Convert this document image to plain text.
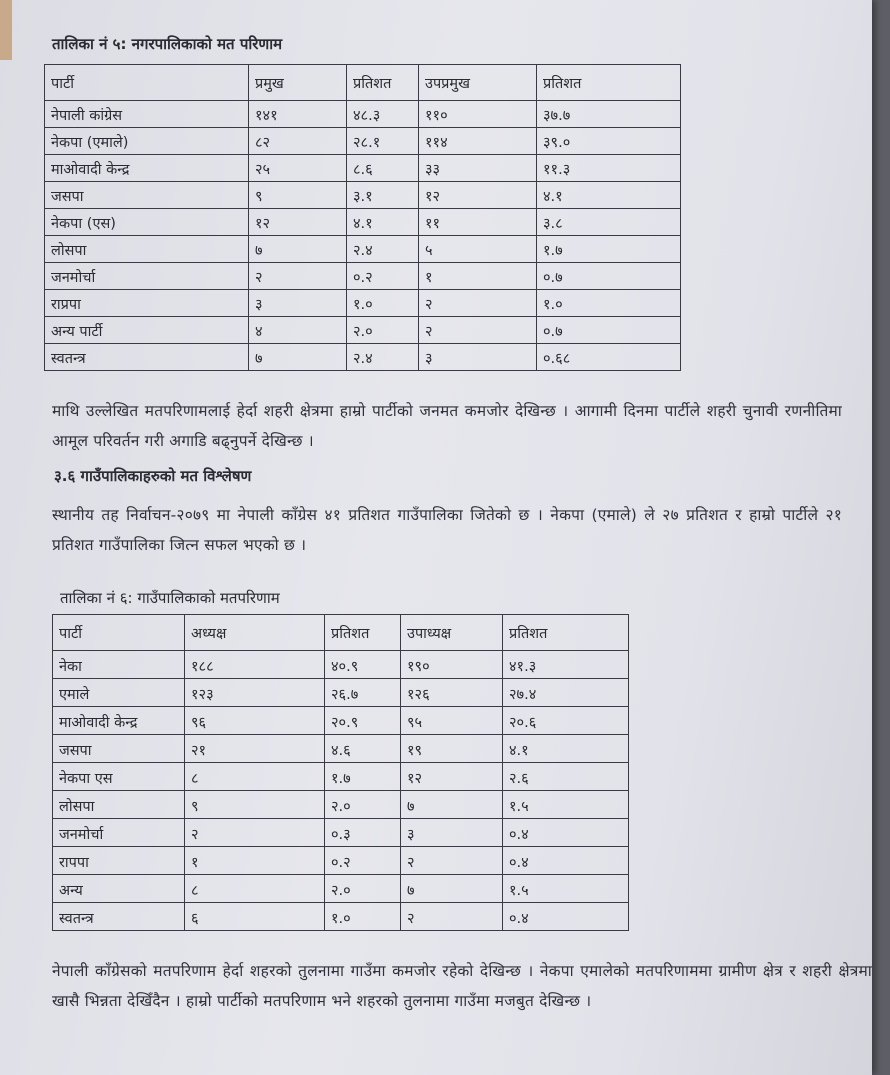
तालिका नं ५: नगरपालिकाको मत परिणाम
पार्टी	प्रमुख	प्रतिशत	उपप्रमुख	प्रतिशत
नेपाली कांग्रेस	१४१	४८.३	११०	३७.७
नेकपा (एमाले)	८२	२८.१	११४	३९.०
माओवादी केन्द्र	२५	८.६	३३	११.३
जसपा	९	३.१	१२	४.१
नेकपा (एस)	१२	४.१	११	३.८
लोसपा	७	२.४	५	१.७
जनमोर्चा	२	०.२	१	०.७
राप्रपा	३	१.०	२	१.०
अन्य पार्टी	४	२.०	२	०.७
स्वतन्त्र	७	२.४	३	०.६८
माथि उल्लेखित मतपरिणामलाई हेर्दा शहरी क्षेत्रमा हाम्रो पार्टीको जनमत कमजोर देखिन्छ । आगामी दिनमा पार्टीले शहरी चुनावी रणनीतिमा आमूल परिवर्तन गरी अगाडि बढ्नुपर्ने देखिन्छ ।
३.६ गाउँपालिकाहरुको मत विश्लेषण
स्थानीय तह निर्वाचन-२०७९ मा नेपाली काँग्रेस ४१ प्रतिशत गाउँपालिका जितेको छ । नेकपा (एमाले) ले २७ प्रतिशत र हाम्रो पार्टीले २१ प्रतिशत गाउँपालिका जित्न सफल भएको छ ।
तालिका नं ६: गाउँपालिकाको मतपरिणाम
पार्टी	अध्यक्ष	प्रतिशत	उपाध्यक्ष	प्रतिशत
नेका	१८८	४०.९	१९०	४१.३
एमाले	१२३	२६.७	१२६	२७.४
माओवादी केन्द्र	९६	२०.९	९५	२०.६
जसपा	२१	४.६	१९	४.१
नेकपा एस	८	१.७	१२	२.६
लोसपा	९	२.०	७	१.५
जनमोर्चा	२	०.३	३	०.४
रापपा	१	०.२	२	०.४
अन्य	८	२.०	७	१.५
स्वतन्त्र	६	१.०	२	०.४
नेपाली काँग्रेसको मतपरिणाम हेर्दा शहरको तुलनामा गाउँमा कमजोर रहेको देखिन्छ । नेकपा एमालेको मतपरिणाममा ग्रामीण क्षेत्र र शहरी क्षेत्रमा खासै भिन्नता देखिँदैन । हाम्रो पार्टीको मतपरिणाम भने शहरको तुलनामा गाउँमा मजबुत देखिन्छ ।
